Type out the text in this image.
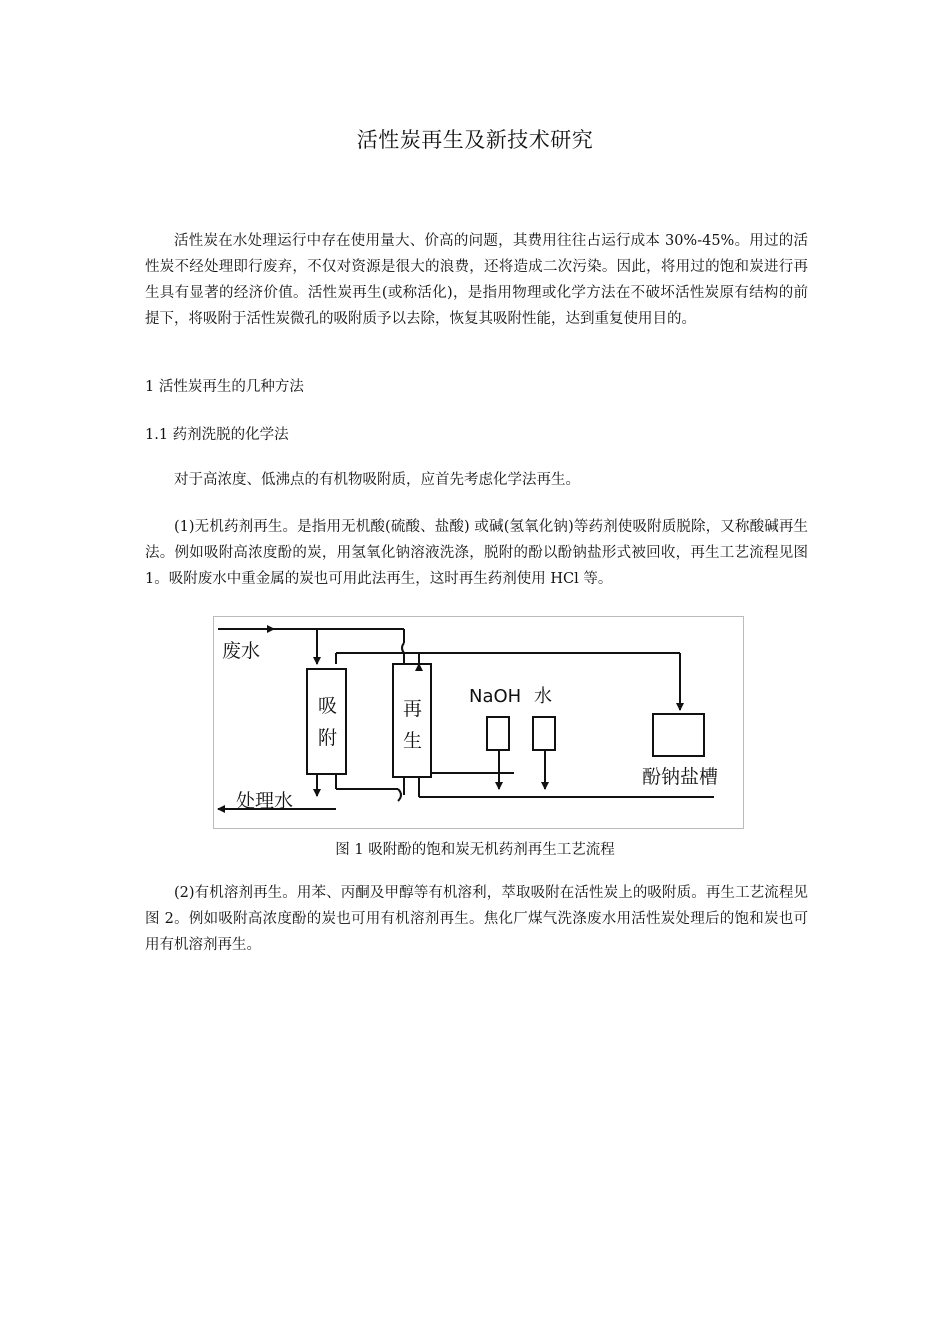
活性炭再生及新技术研究

活性炭在水处理运行中存在使用量大、价高的问题，其费用往往占运行成本 30%-45%。用过的活性炭不经处理即行废弃，不仅对资源是很大的浪费，还将造成二次污染。因此，将用过的饱和炭进行再生具有显著的经济价值。活性炭再生(或称活化)，是指用物理或化学方法在不破坏活性炭原有结构的前提下，将吸附于活性炭微孔的吸附质予以去除，恢复其吸附性能，达到重复使用目的。

1 活性炭再生的几种方法

1.1 药剂洗脱的化学法

对于高浓度、低沸点的有机物吸附质，应首先考虑化学法再生。

(1)无机药剂再生。是指用无机酸(硫酸、盐酸) 或碱(氢氧化钠)等药剂使吸附质脱除，又称酸碱再生法。例如吸附高浓度酚的炭，用氢氧化钠溶液洗涤，脱附的酚以酚钠盐形式被回收，再生工艺流程见图 1。吸附废水中重金属的炭也可用此法再生，这时再生药剂使用 HCl 等。

废水
处理水
吸
附
再
生
NaOH 水
酚钠盐槽
图 1 吸附酚的饱和炭无机药剂再生工艺流程

(2)有机溶剂再生。用苯、丙酮及甲醇等有机溶利，萃取吸附在活性炭上的吸附质。再生工艺流程见图 2。例如吸附高浓度酚的炭也可用有机溶剂再生。焦化厂煤气洗涤废水用活性炭处理后的饱和炭也可用有机溶剂再生。
